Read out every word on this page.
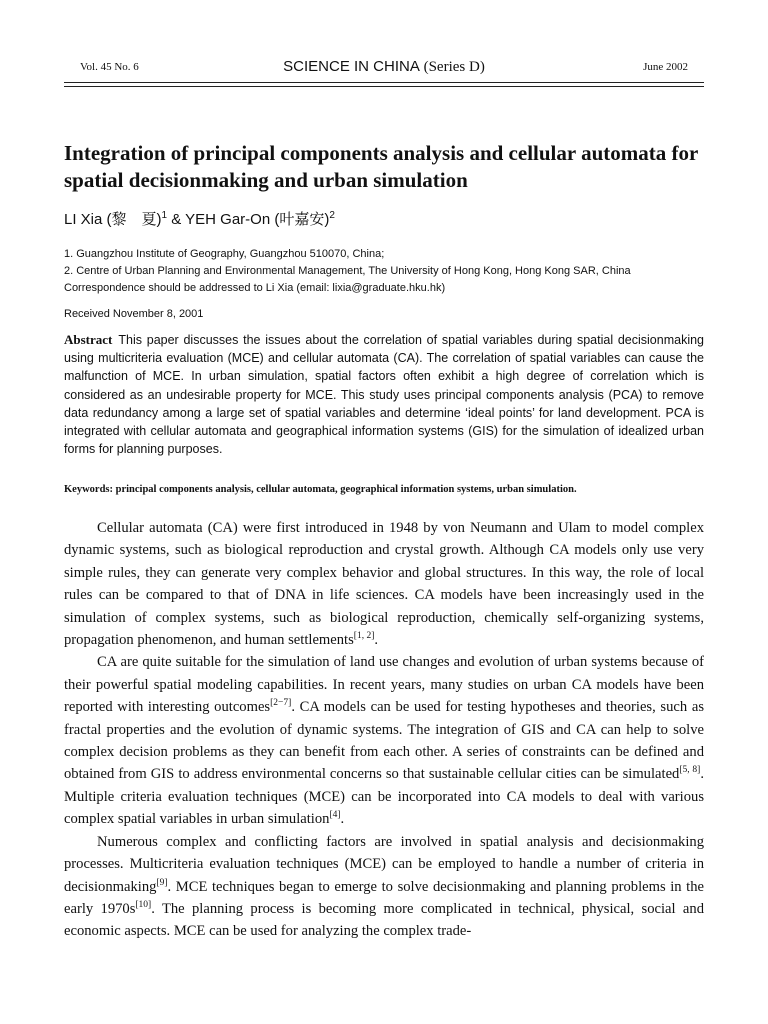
Vol. 45 No. 6	SCIENCE IN CHINA (Series D)	June 2002
Integration of principal components analysis and cellular automata for spatial decisionmaking and urban simulation
LI Xia (黎　夏)$^1$ & YEH Gar-On (叶嘉安)$^2$
1. Guangzhou Institute of Geography, Guangzhou 510070, China;
2. Centre of Urban Planning and Environmental Management, The University of Hong Kong, Hong Kong SAR, China
Correspondence should be addressed to Li Xia (email: lixia@graduate.hku.hk)
Received November 8, 2001

Abstract This paper discusses the issues about the correlation of spatial variables during spatial decisionmaking using multicriteria evaluation (MCE) and cellular automata (CA). The correlation of spatial variables can cause the malfunction of MCE. In urban simulation, spatial factors often exhibit a high degree of correlation which is considered as an undesirable property for MCE. This study uses principal components analysis (PCA) to remove data redundancy among a large set of spatial variables and determine ‘ideal points’ for land development. PCA is integrated with cellular automata and geographical information systems (GIS) for the simulation of idealized urban forms for planning purposes.

Keywords: principal components analysis, cellular automata, geographical information systems, urban simulation.

Cellular automata (CA) were first introduced in 1948 by von Neumann and Ulam to model complex dynamic systems, such as biological reproduction and crystal growth. Although CA models only use very simple rules, they can generate very complex behavior and global structures. In this way, the role of local rules can be compared to that of DNA in life sciences. CA models have been increasingly used in the simulation of complex systems, such as biological reproduction, chemically self-organizing systems, propagation phenomenon, and human settlements[1, 2].

CA are quite suitable for the simulation of land use changes and evolution of urban systems because of their powerful spatial modeling capabilities. In recent years, many studies on urban CA models have been reported with interesting outcomes[2−7]. CA models can be used for testing hypotheses and theories, such as fractal properties and the evolution of dynamic systems. The integration of GIS and CA can help to solve complex decision problems as they can benefit from each other. A series of constraints can be defined and obtained from GIS to address environmental concerns so that sustainable cellular cities can be simulated[5, 8]. Multiple criteria evaluation techniques (MCE) can be incorporated into CA models to deal with various complex spatial variables in urban simulation[4].

Numerous complex and conflicting factors are involved in spatial analysis and decisionmaking processes. Multicriteria evaluation techniques (MCE) can be employed to handle a number of criteria in decisionmaking[9]. MCE techniques began to emerge to solve decisionmaking and planning problems in the early 1970s[10]. The planning process is becoming more complicated in technical, physical, social and economic aspects. MCE can be used for analyzing the complex trade-
